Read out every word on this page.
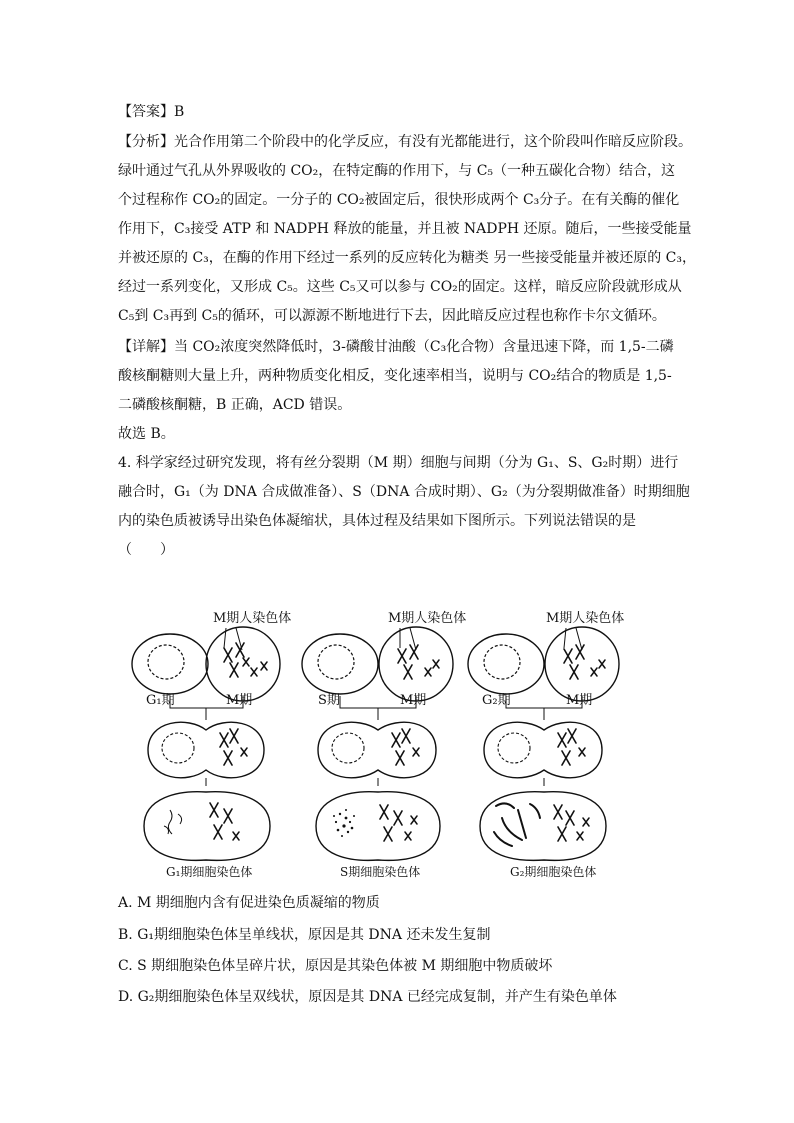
【答案】B
【分析】光合作用第二个阶段中的化学反应，有没有光都能进行，这个阶段叫作暗反应阶段。
绿叶通过气孔从外界吸收的 CO₂，在特定酶的作用下，与 C₅（一种五碳化合物）结合，这
个过程称作 CO₂的固定。一分子的 CO₂被固定后，很快形成两个 C₃分子。在有关酶的催化
作用下，C₃接受 ATP 和 NADPH 释放的能量，并且被 NADPH 还原。随后，一些接受能量
并被还原的 C₃，在酶的作用下经过一系列的反应转化为糖类 另一些接受能量并被还原的 C₃，
经过一系列变化，又形成 C₅。这些 C₅又可以参与 CO₂的固定。这样，暗反应阶段就形成从
C₅到 C₃再到 C₅的循环，可以源源不断地进行下去，因此暗反应过程也称作卡尔文循环。
【详解】当 CO₂浓度突然降低时，3-磷酸甘油酸（C₃化合物）含量迅速下降，而 1,5-二磷
酸核酮糖则大量上升，两种物质变化相反，变化速率相当，说明与 CO₂结合的物质是 1,5-
二磷酸核酮糖，B 正确，ACD 错误。
故选 B。
4. 科学家经过研究发现，将有丝分裂期（M 期）细胞与间期（分为 G₁、S、G₂时期）进行
融合时，G₁（为 DNA 合成做准备）、S（DNA 合成时期）、G₂（为分裂期做准备）时期细胞
内的染色质被诱导出染色体凝缩状，具体过程及结果如下图所示。下列说法错误的是
（　　）
M期人染色体
G₁期	M期
G₁期细胞染色体
M期人染色体
S期	M期
S期细胞染色体
M期人染色体
G₂期	M期
G₂期细胞染色体
A. M 期细胞内含有促进染色质凝缩的物质
B. G₁期细胞染色体呈单线状，原因是其 DNA 还未发生复制
C. S 期细胞染色体呈碎片状，原因是其染色体被 M 期细胞中物质破坏
D. G₂期细胞染色体呈双线状，原因是其 DNA 已经完成复制，并产生有染色单体
